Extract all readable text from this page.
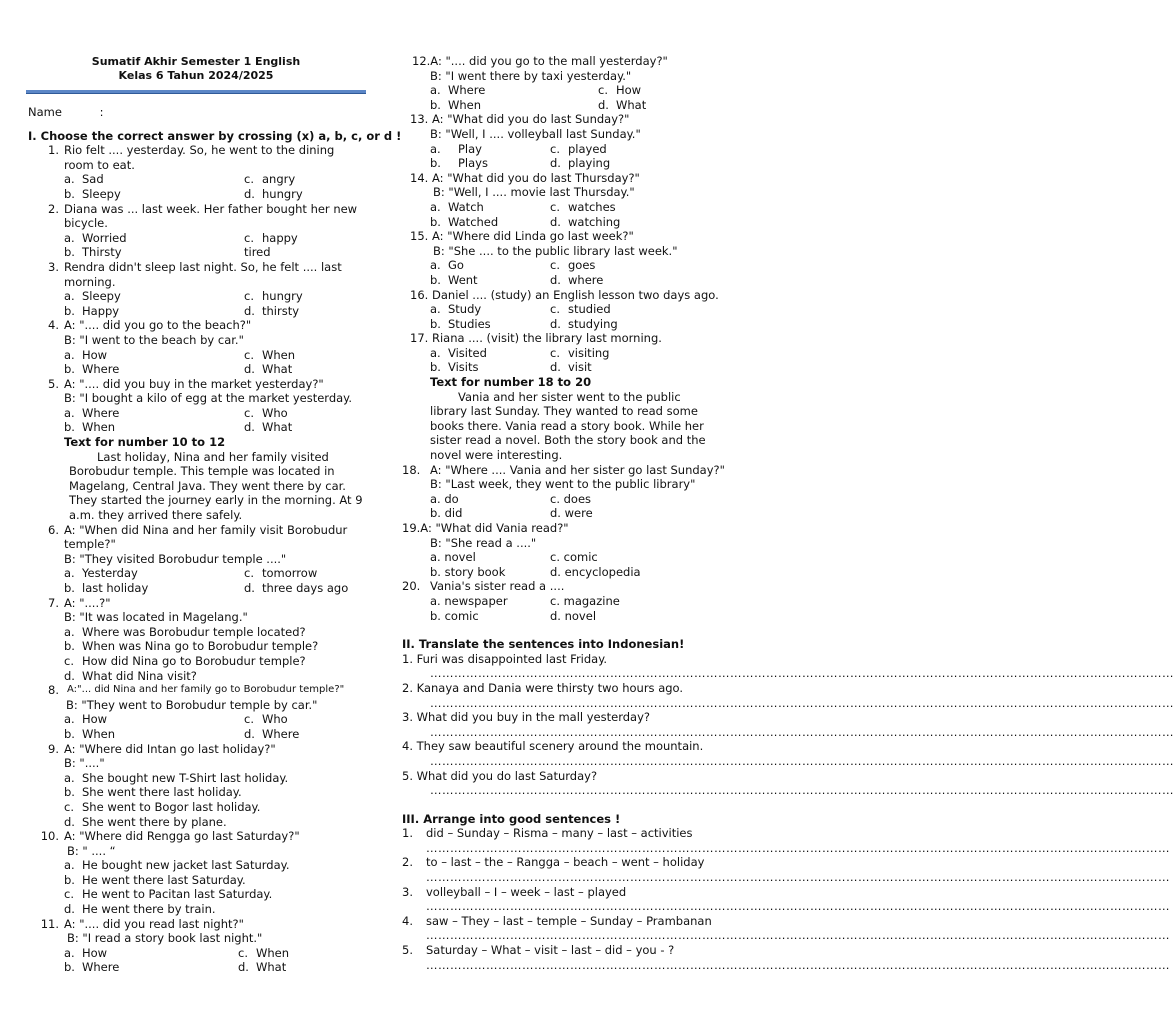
Sumatif Akhir Semester 1 English
Kelas 6 Tahun 2024/2025
Name	:
I. Choose the correct answer by crossing (x) a, b, c, or d !
1. Rio felt .... yesterday. So, he went to the dining room to eat.
a. Sad	c. angry
b. Sleepy	d. hungry
2. Diana was ... last week. Her father bought her new bicycle.
a. Worried	c. happy
b. Thirsty	tired
3. Rendra didn't sleep last night. So, he felt .... last morning.
a. Sleepy	c. hungry
b. Happy	d. thirsty
4. A: ".... did you go to the beach?"
B: "I went to the beach by car."
a. How	c. When
b. Where	d. What
5. A: ".... did you buy in the market yesterday?"
B: "I bought a kilo of egg at the market yesterday.
a. Where	c. Who
b. When	d. What
Text for number 10 to 12
Last holiday, Nina and her family visited Borobudur temple. This temple was located in Magelang, Central Java. They went there by car. They started the journey early in the morning. At 9 a.m. they arrived there safely.
6. A: "When did Nina and her family visit Borobudur temple?"
B: "They visited Borobudur temple ...."
a. Yesterday	c. tomorrow
b. last holiday	d. three days ago
7. A: "....?"
B: "It was located in Magelang."
a. Where was Borobudur temple located?
b. When was Nina go to Borobudur temple?
c. How did Nina go to Borobudur temple?
d. What did Nina visit?
8. A:"... did Nina and her family go to Borobudur temple?"
B: "They went to Borobudur temple by car."
a. How	c. Who
b. When	d. Where
9. A: "Where did Intan go last holiday?"
B: "...."
a. She bought new T-Shirt last holiday.
b. She went there last holiday.
c. She went to Bogor last holiday.
d. She went there by plane.
10. A: "Where did Rengga go last Saturday?"
B: " .... “
a. He bought new jacket last Saturday.
b. He went there last Saturday.
c. He went to Pacitan last Saturday.
d. He went there by train.
11. A: ".... did you read last night?"
B: "I read a story book last night."
a. How	c. When
b. Where	d. What
12.A: ".... did you go to the mall yesterday?"
B: "I went there by taxi yesterday."
a. Where	c. How
b. When	d. What
13. A: "What did you do last Sunday?"
B: "Well, I .... volleyball last Sunday."
a. Play	c. played
b. Plays	d. playing
14. A: "What did you do last Thursday?"
B: "Well, I .... movie last Thursday."
a. Watch	c. watches
b. Watched	d. watching
15. A: "Where did Linda go last week?"
B: "She .... to the public library last week."
a. Go	c. goes
b. Went	d. where
16. Daniel .... (study) an English lesson two days ago.
a. Study	c. studied
b. Studies	d. studying
17. Riana .... (visit) the library last morning.
a. Visited	c. visiting
b. Visits	d. visit
Text for number 18 to 20
Vania and her sister went to the public library last Sunday. They wanted to read some books there. Vania read a story book. While her sister read a novel. Both the story book and the novel were interesting.
18. A: "Where .... Vania and her sister go last Sunday?"
B: "Last week, they went to the public library"
a. do	c. does
b. did	d. were
19.A: "What did Vania read?"
B: "She read a ...."
a. novel	c. comic
b. story book	d. encyclopedia
20. Vania's sister read a ....
a. newspaper	c. magazine
b. comic	d. novel
II. Translate the sentences into Indonesian!
1. Furi was disappointed last Friday.
……………………………………………………………………………………………………………………………………………………………………
2. Kanaya and Dania were thirsty two hours ago.
……………………………………………………………………………………………………………………………………………………………………
3. What did you buy in the mall yesterday?
……………………………………………………………………………………………………………………………………………………………………
4. They saw beautiful scenery around the mountain.
……………………………………………………………………………………………………………………………………………………………………
5. What did you do last Saturday?
……………………………………………………………………………………………………………………………………………………………………
III. Arrange into good sentences !
1. did – Sunday – Risma – many – last – activities
……………………………………………………………………………………………………………………………………………………………………
2. to – last – the – Rangga – beach – went – holiday
……………………………………………………………………………………………………………………………………………………………………
3. volleyball – I – week – last – played
……………………………………………………………………………………………………………………………………………………………………
4. saw – They – last – temple – Sunday – Prambanan
……………………………………………………………………………………………………………………………………………………………………
5. Saturday – What – visit – last – did – you - ?
……………………………………………………………………………………………………………………………………………………………………
